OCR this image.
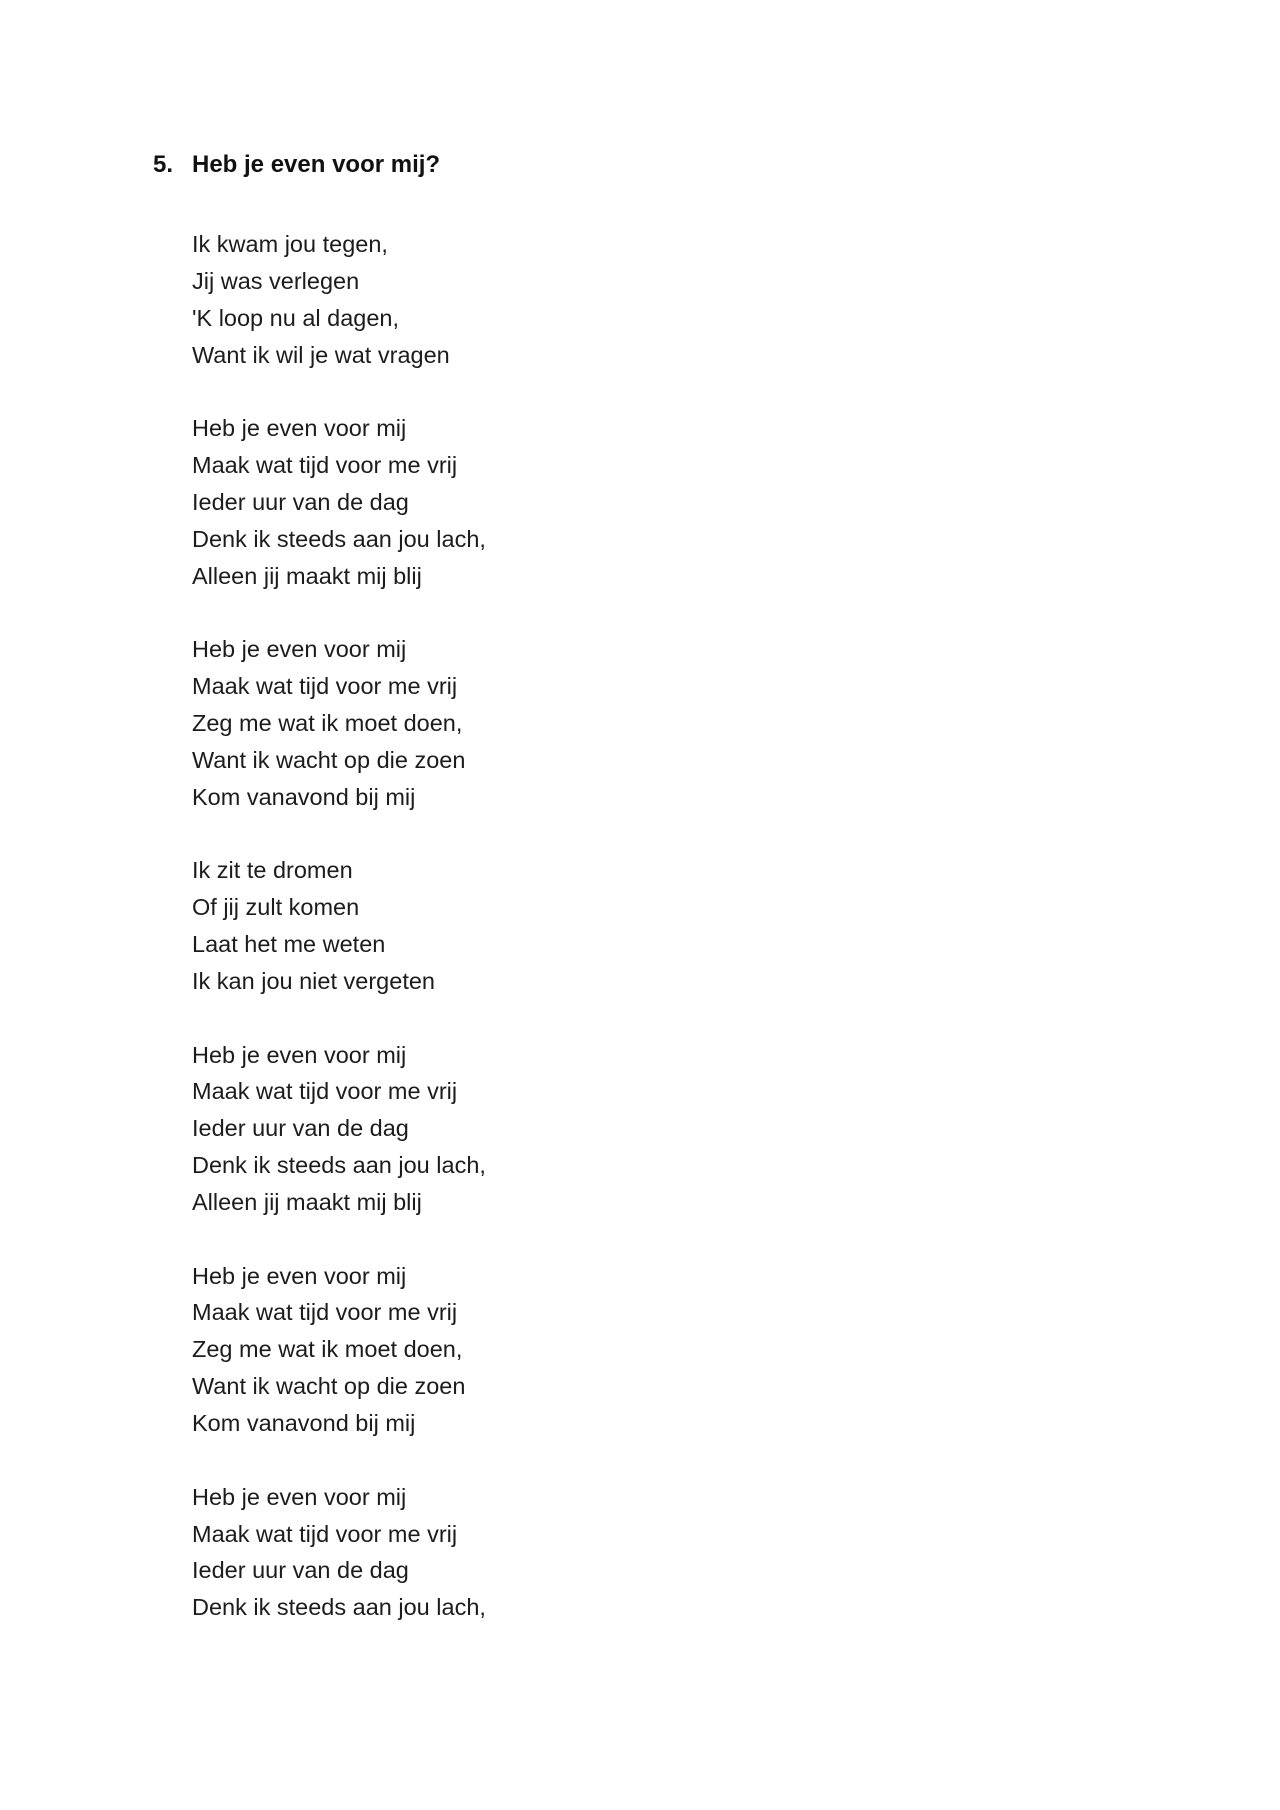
5. Heb je even voor mij?
Ik kwam jou tegen,
Jij was verlegen
'K loop nu al dagen,
Want ik wil je wat vragen
Heb je even voor mij
Maak wat tijd voor me vrij
Ieder uur van de dag
Denk ik steeds aan jou lach,
Alleen jij maakt mij blij
Heb je even voor mij
Maak wat tijd voor me vrij
Zeg me wat ik moet doen,
Want ik wacht op die zoen
Kom vanavond bij mij
Ik zit te dromen
Of jij zult komen
Laat het me weten
Ik kan jou niet vergeten
Heb je even voor mij
Maak wat tijd voor me vrij
Ieder uur van de dag
Denk ik steeds aan jou lach,
Alleen jij maakt mij blij
Heb je even voor mij
Maak wat tijd voor me vrij
Zeg me wat ik moet doen,
Want ik wacht op die zoen
Kom vanavond bij mij
Heb je even voor mij
Maak wat tijd voor me vrij
Ieder uur van de dag
Denk ik steeds aan jou lach,
